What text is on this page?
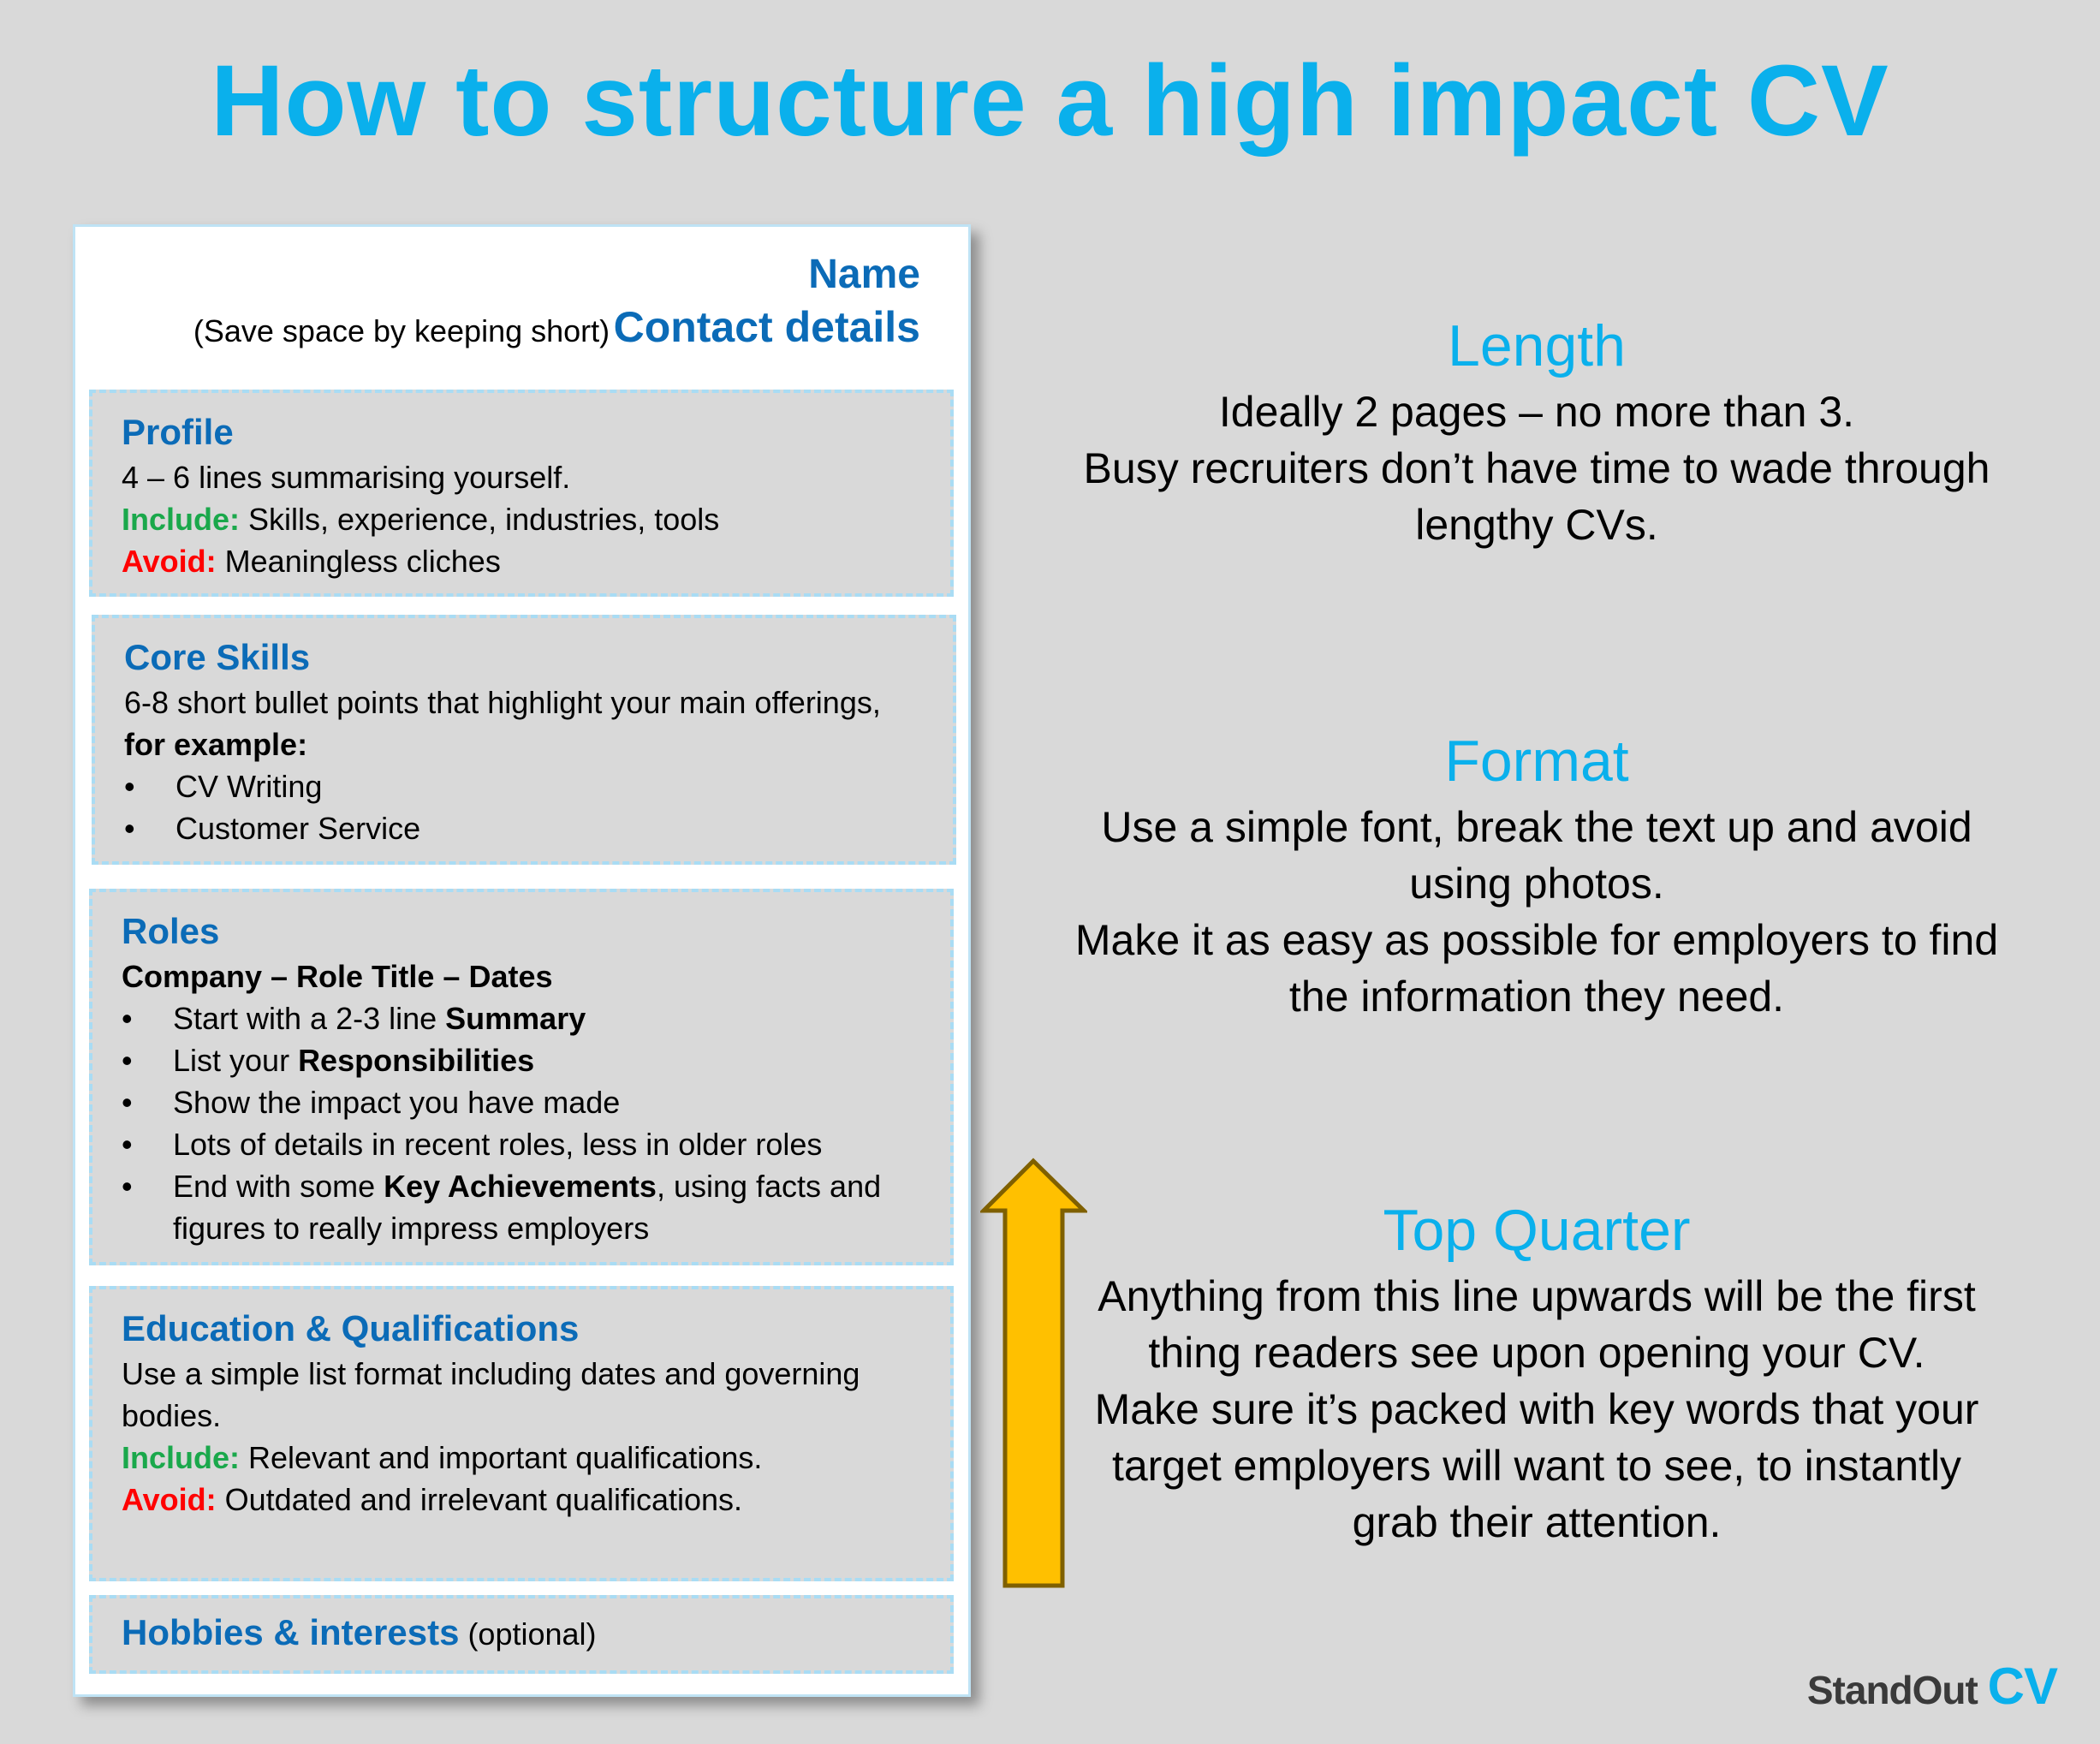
How to structure a high impact CV
Name
(Save space by keeping short) Contact details
Profile
4 – 6 lines summarising yourself.
Include: Skills, experience, industries, tools
Avoid: Meaningless cliches
Core Skills
6-8 short bullet points that highlight your main offerings, for example:
• CV Writing
• Customer Service
Roles
Company – Role Title – Dates
• Start with a 2-3 line Summary
• List your Responsibilities
• Show the impact you have made
• Lots of details in recent roles, less in older roles
• End with some Key Achievements, using facts and figures to really impress employers
Education & Qualifications
Use a simple list format including dates and governing bodies.
Include: Relevant and important qualifications.
Avoid: Outdated and irrelevant qualifications.
Hobbies & interests (optional)
Length
Ideally 2 pages – no more than 3.
Busy recruiters don’t have time to wade through lengthy CVs.
Format
Use a simple font, break the text up and avoid using photos.
Make it as easy as possible for employers to find the information they need.
Top Quarter
Anything from this line upwards will be the first thing readers see upon opening your CV.
Make sure it’s packed with key words that your target employers will want to see, to instantly grab their attention.
StandOut CV
